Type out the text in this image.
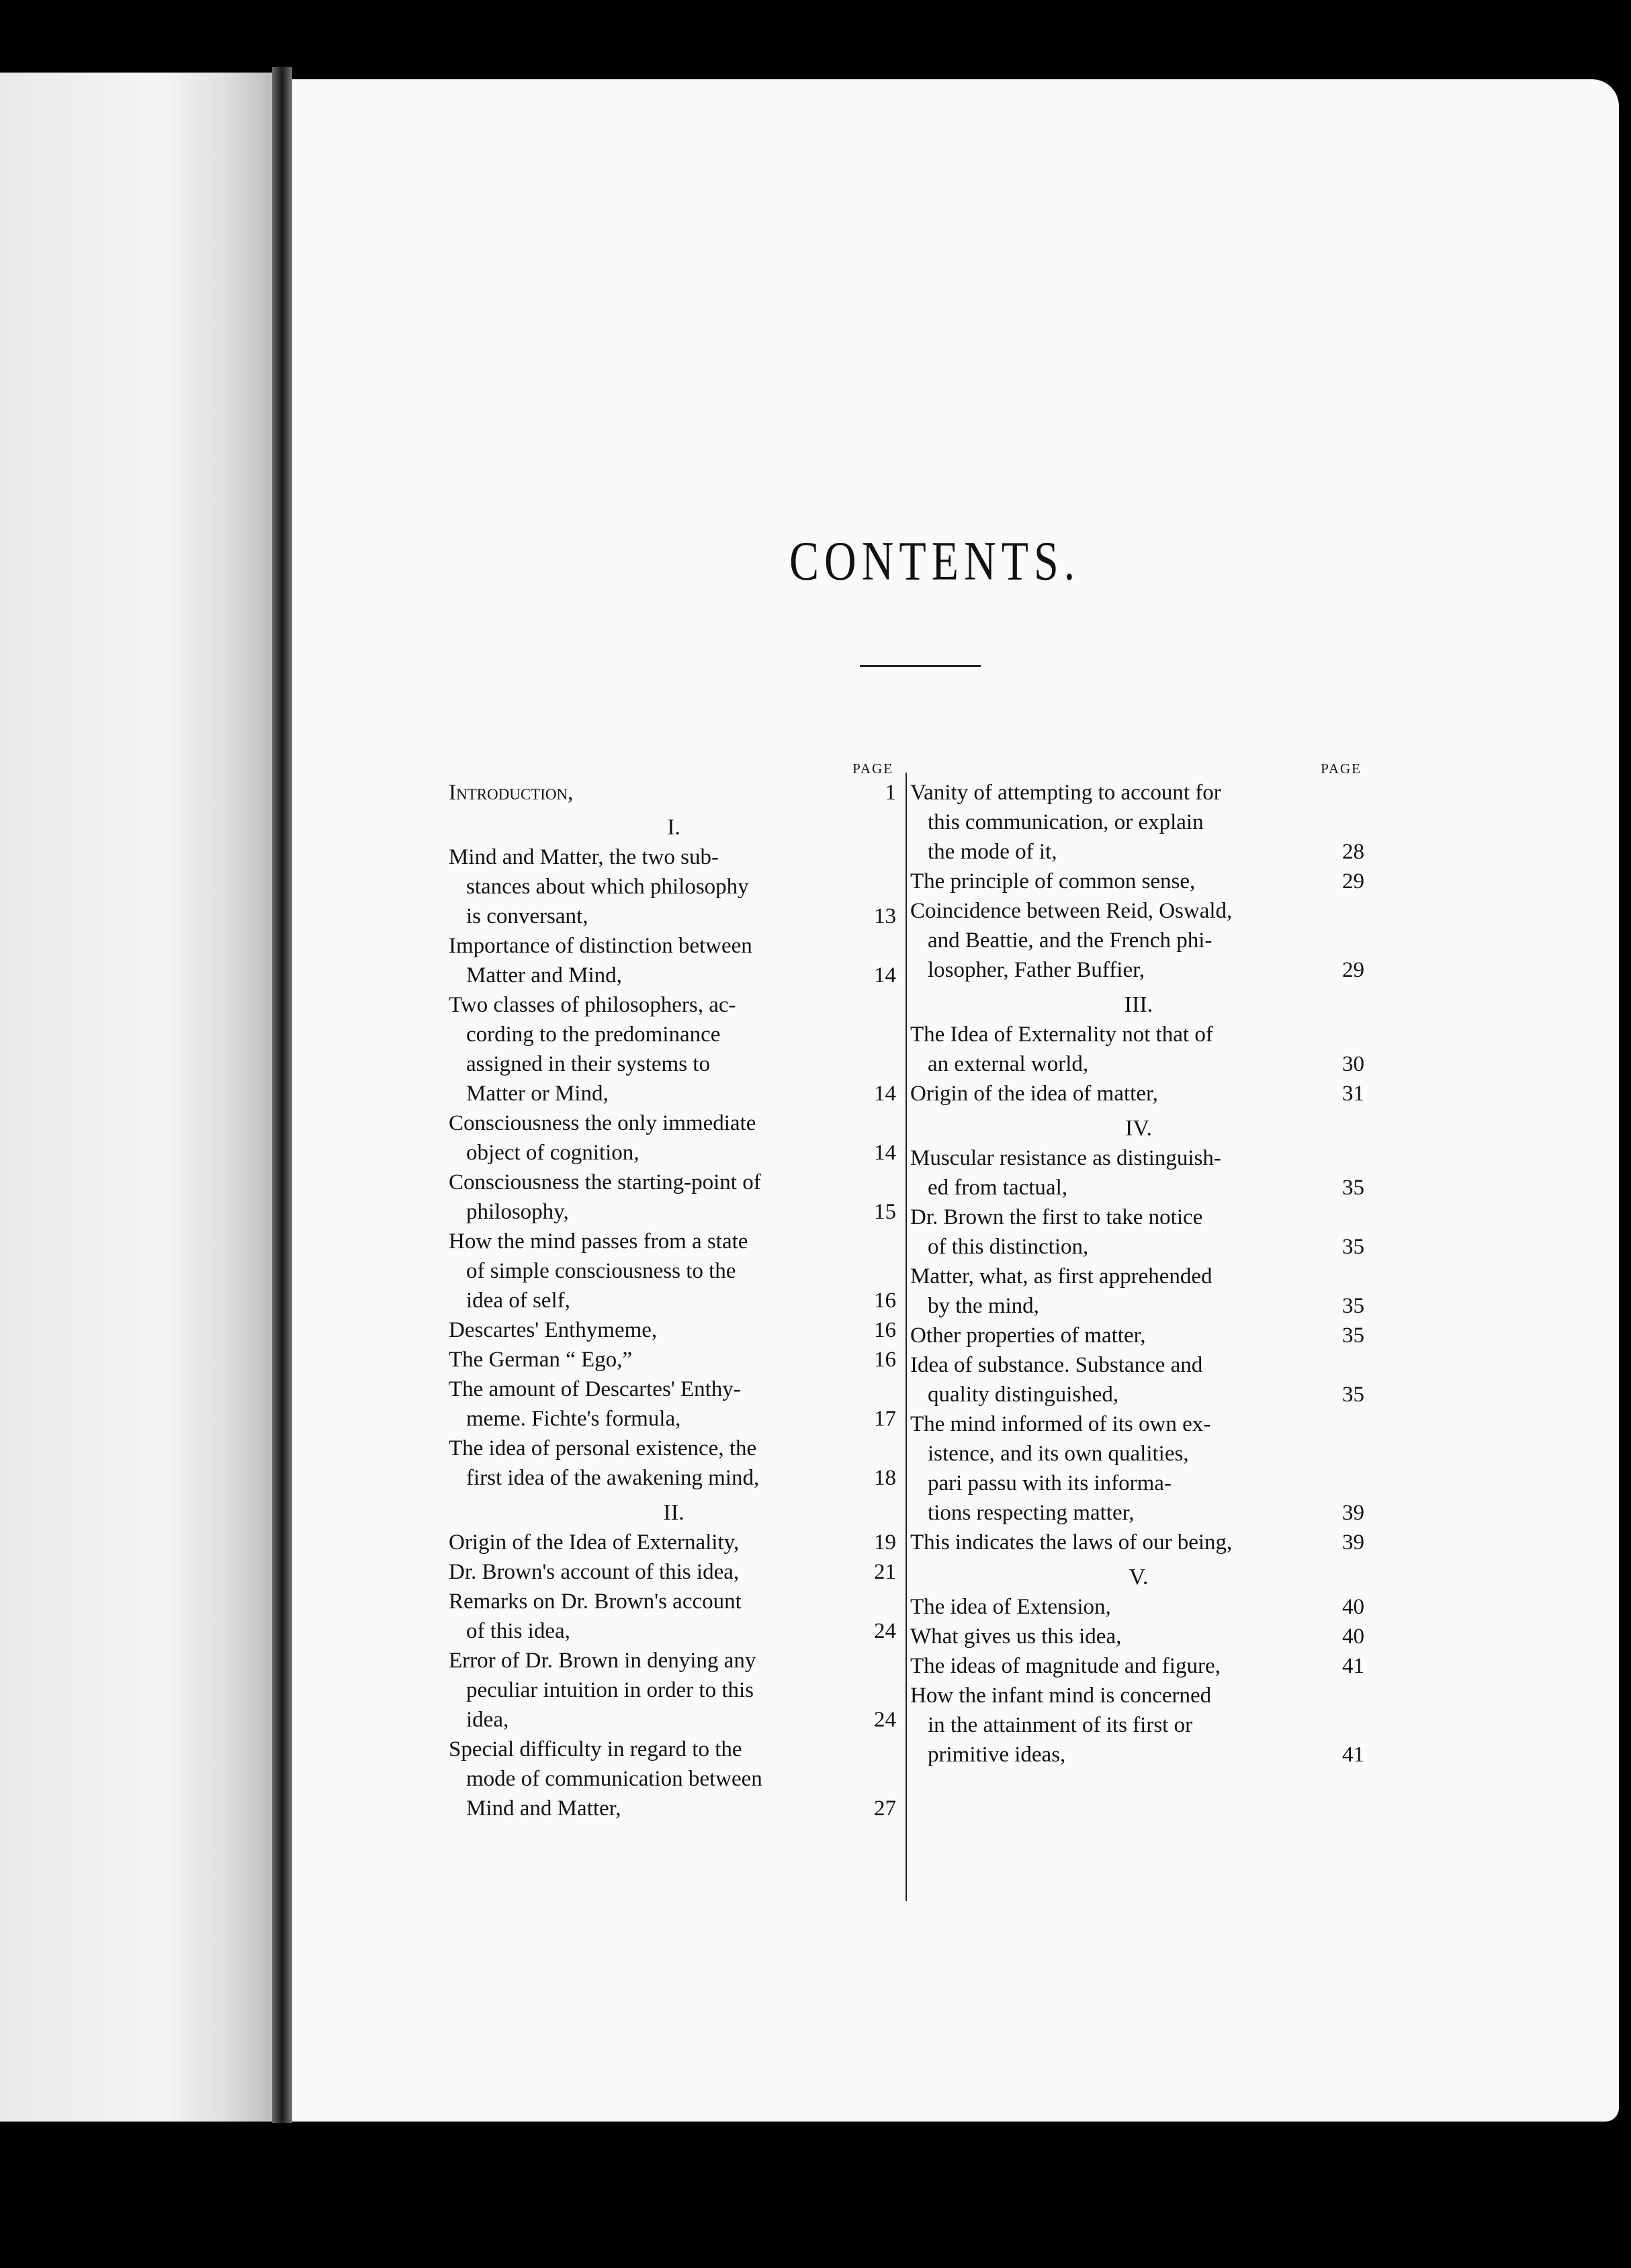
CONTENTS.
PAGE
Introduction,	1
I.
Mind and Matter, the two sub-
stances about which philosophy
is conversant,	13
Importance of distinction between
Matter and Mind,	14
Two classes of philosophers, ac-
cording to the predominance
assigned in their systems to
Matter or Mind,	14
Consciousness the only immediate
object of cognition,	14
Consciousness the starting-point of
philosophy,	15
How the mind passes from a state
of simple consciousness to the
idea of self,	16
Descartes' Enthymeme,	16
The German “ Ego,”	16
The amount of Descartes' Enthy-
meme. Fichte's formula,	17
The idea of personal existence, the
first idea of the awakening mind,	18
II.
Origin of the Idea of Externality,	19
Dr. Brown's account of this idea,	21
Remarks on Dr. Brown's account
of this idea,	24
Error of Dr. Brown in denying any
peculiar intuition in order to this
idea,	24
Special difficulty in regard to the
mode of communication between
Mind and Matter,	27
PAGE
Vanity of attempting to account for
this communication, or explain
the mode of it,	28
The principle of common sense,	29
Coincidence between Reid, Oswald,
and Beattie, and the French phi-
losopher, Father Buffier,	29
III.
The Idea of Externality not that of
an external world,	30
Origin of the idea of matter,	31
IV.
Muscular resistance as distinguish-
ed from tactual,	35
Dr. Brown the first to take notice
of this distinction,	35
Matter, what, as first apprehended
by the mind,	35
Other properties of matter,	35
Idea of substance. Substance and
quality distinguished,	35
The mind informed of its own ex-
istence, and its own qualities,
pari passu with its informa-
tions respecting matter,	39
This indicates the laws of our being,	39
V.
The idea of Extension,	40
What gives us this idea,	40
The ideas of magnitude and figure,	41
How the infant mind is concerned
in the attainment of its first or
primitive ideas,	41
